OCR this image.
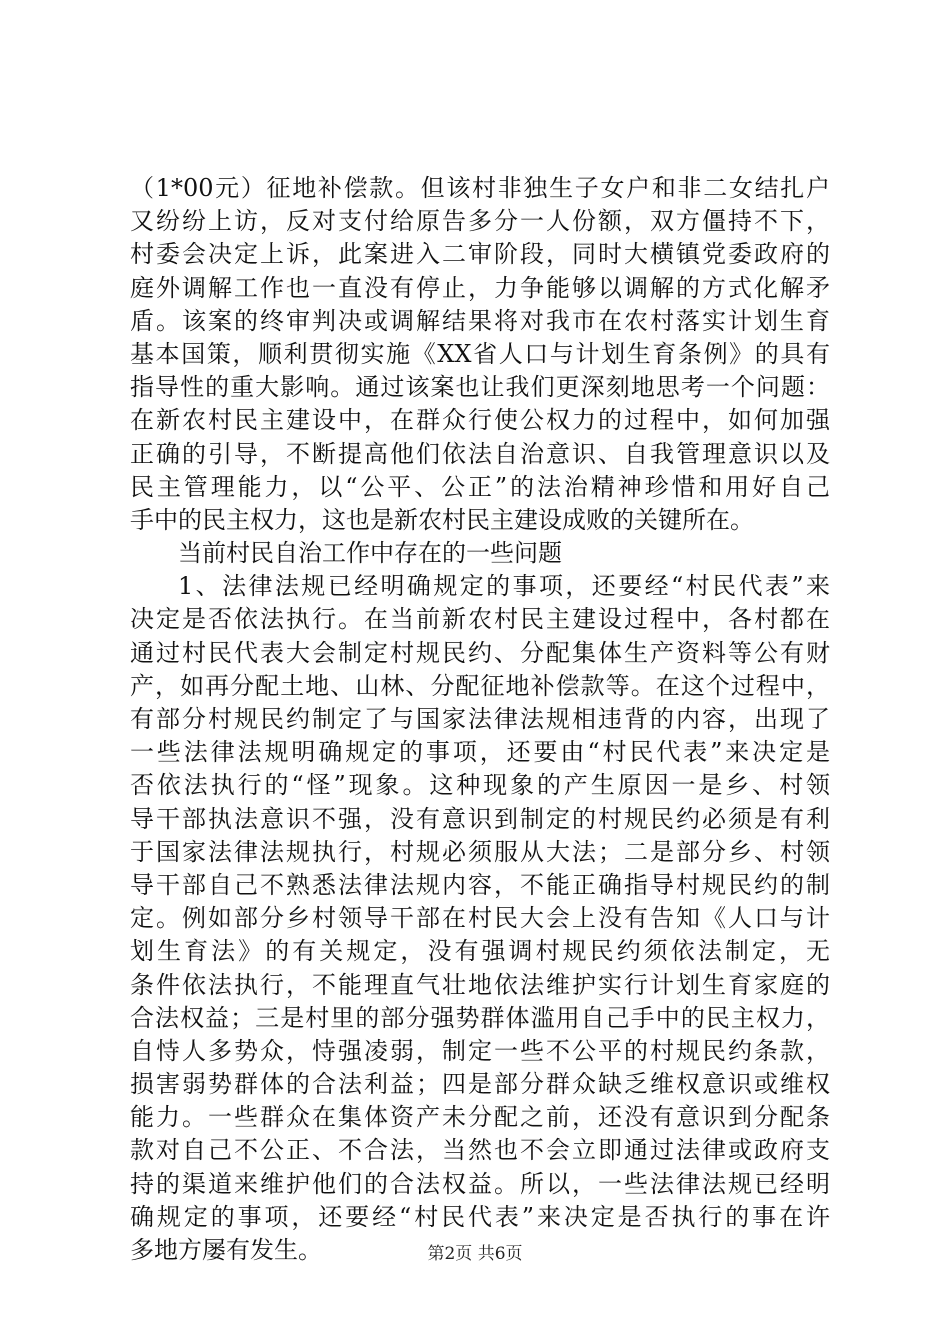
（1*00元）征地补偿款。但该村非独生子女户和非二女结扎户
又纷纷上访，反对支付给原告多分一人份额，双方僵持不下，
村委会决定上诉，此案进入二审阶段，同时大横镇党委政府的
庭外调解工作也一直没有停止，力争能够以调解的方式化解矛
盾。该案的终审判决或调解结果将对我市在农村落实计划生育
基本国策，顺利贯彻实施《XX省人口与计划生育条例》的具有
指导性的重大影响。通过该案也让我们更深刻地思考一个问题：
在新农村民主建设中，在群众行使公权力的过程中，如何加强
正确的引导，不断提高他们依法自治意识、自我管理意识以及
民主管理能力，以“公平、公正”的法治精神珍惜和用好自己
手中的民主权力，这也是新农村民主建设成败的关键所在。
当前村民自治工作中存在的一些问题
1、法律法规已经明确规定的事项，还要经“村民代表”来
决定是否依法执行。在当前新农村民主建设过程中，各村都在
通过村民代表大会制定村规民约、分配集体生产资料等公有财
产，如再分配土地、山林、分配征地补偿款等。在这个过程中，
有部分村规民约制定了与国家法律法规相违背的内容，出现了
一些法律法规明确规定的事项，还要由“村民代表”来决定是
否依法执行的“怪”现象。这种现象的产生原因一是乡、村领
导干部执法意识不强，没有意识到制定的村规民约必须是有利
于国家法律法规执行，村规必须服从大法；二是部分乡、村领
导干部自己不熟悉法律法规内容，不能正确指导村规民约的制
定。例如部分乡村领导干部在村民大会上没有告知《人口与计
划生育法》的有关规定，没有强调村规民约须依法制定，无
条件依法执行，不能理直气壮地依法维护实行计划生育家庭的
合法权益；三是村里的部分强势群体滥用自己手中的民主权力，
自恃人多势众，恃强凌弱，制定一些不公平的村规民约条款，
损害弱势群体的合法利益；四是部分群众缺乏维权意识或维权
能力。一些群众在集体资产未分配之前，还没有意识到分配条
款对自己不公正、不合法，当然也不会立即通过法律或政府支
持的渠道来维护他们的合法权益。所以，一些法律法规已经明
确规定的事项，还要经“村民代表”来决定是否执行的事在许
多地方屡有发生。	第2页 共6页
